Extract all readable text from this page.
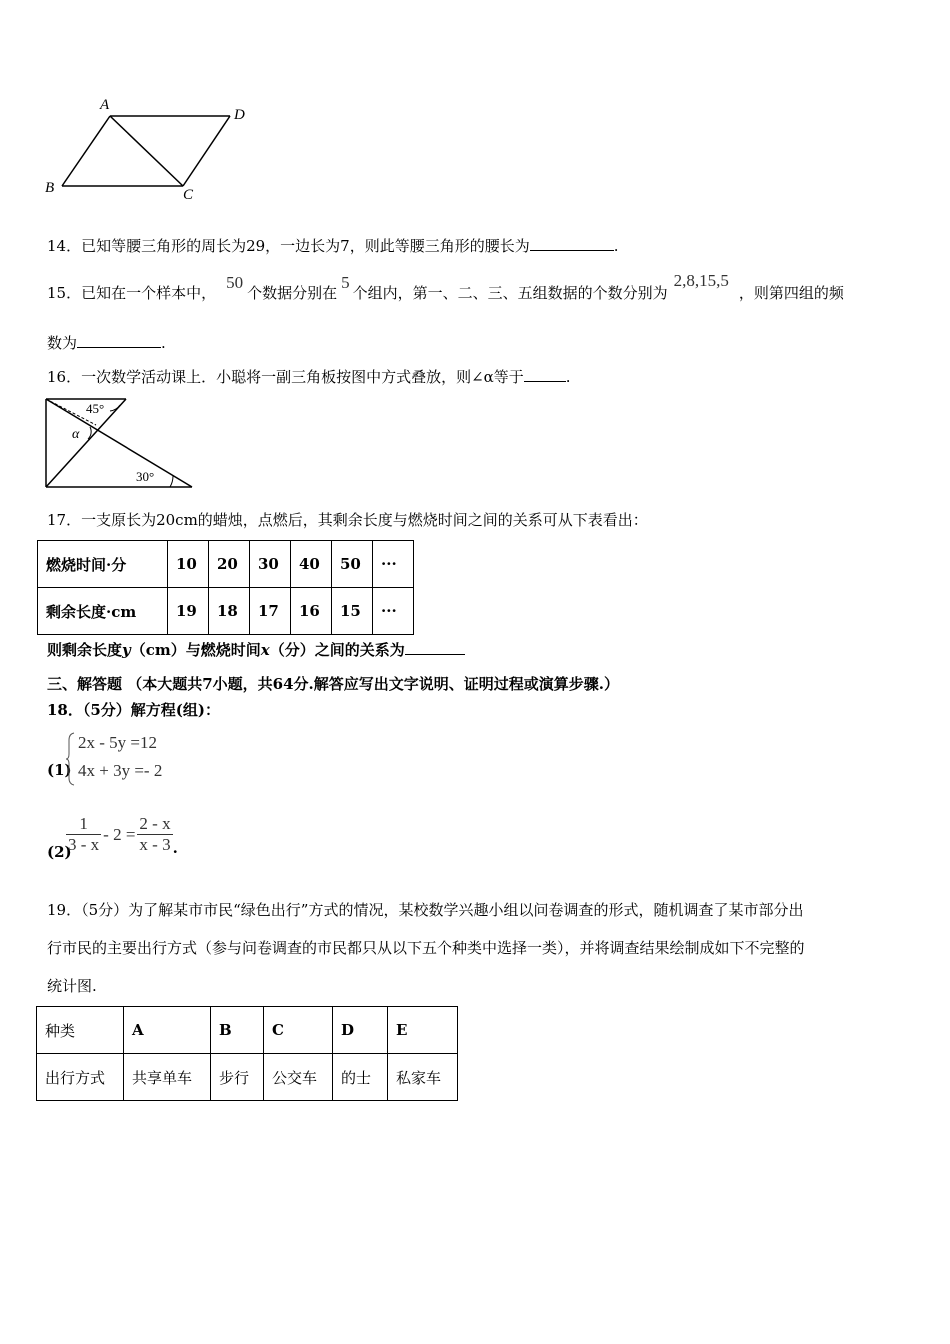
A
D
B	C
14．已知等腰三角形的周长为29，一边长为7，则此等腰三角形的腰长为	.
15．已知在一个样本中，50个数据分别在5个组内，第一、二、三、五组数据的个数分别为2,8,15,5，则第四组的频
数为	.
16．一次数学活动课上．小聪将一副三角板按图中方式叠放，则∠α等于	.
45°
α
30°
17．一支原长为20cm的蜡烛，点燃后，其剩余长度与燃烧时间之间的关系可从下表看出：
燃烧时间·分	10	20	30	40	50	···
剩余长度·cm	19	18	17	16	15	···
则剩余长度y（cm）与燃烧时间x（分）之间的关系为
三、解答题 （本大题共7小题，共64分.解答应写出文字说明、证明过程或演算步骤.）
18．（5分）解方程(组)：
(1)
2x - 5y =12
4x + 3y =- 2
(2)
$\frac{1}{3 - x} - 2 = \frac{2 - x}{x - 3}$ .
19．（5分）为了解某市市民“绿色出行”方式的情况，某校数学兴趣小组以问卷调查的形式，随机调查了某市部分出
行市民的主要出行方式（参与问卷调查的市民都只从以下五个种类中选择一类），并将调查结果绘制成如下不完整的
统计图.
种类	A	B	C	D	E
出行方式	共享单车	步行	公交车	的士	私家车
